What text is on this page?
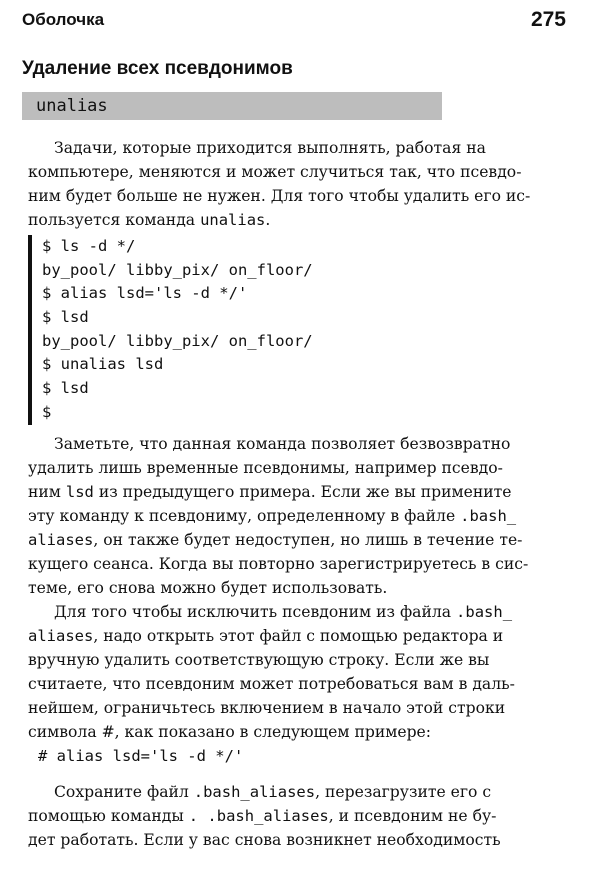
Оболочка	275
Удаление всех псевдонимов
unalias
Задачи, которые приходится выполнять, работая на
компьютере, меняются и может случиться так, что псевдо-
ним будет больше не нужен. Для того чтобы удалить его ис-
пользуется команда unalias.
$ ls -d */
by_pool/ libby_pix/ on_floor/
$ alias lsd='ls -d */'
$ lsd
by_pool/ libby_pix/ on_floor/
$ unalias lsd
$ lsd
$
Заметьте, что данная команда позволяет безвозвратно
удалить лишь временные псевдонимы, например псевдо-
ним lsd из предыдущего примера. Если же вы примените
эту команду к псевдониму, определенному в файле .bash_
aliases, он также будет недоступен, но лишь в течение те-
кущего сеанса. Когда вы повторно зарегистрируетесь в сис-
теме, его снова можно будет использовать.
Для того чтобы исключить псевдоним из файла .bash_
aliases, надо открыть этот файл с помощью редактора и
вручную удалить соответствующую строку. Если же вы
считаете, что псевдоним может потребоваться вам в даль-
нейшем, ограничьтесь включением в начало этой строки
символа #, как показано в следующем примере:
# alias lsd='ls -d */'
Сохраните файл .bash_aliases, перезагрузите его с
помощью команды . .bash_aliases, и псевдоним не бу-
дет работать. Если у вас снова возникнет необходимость
